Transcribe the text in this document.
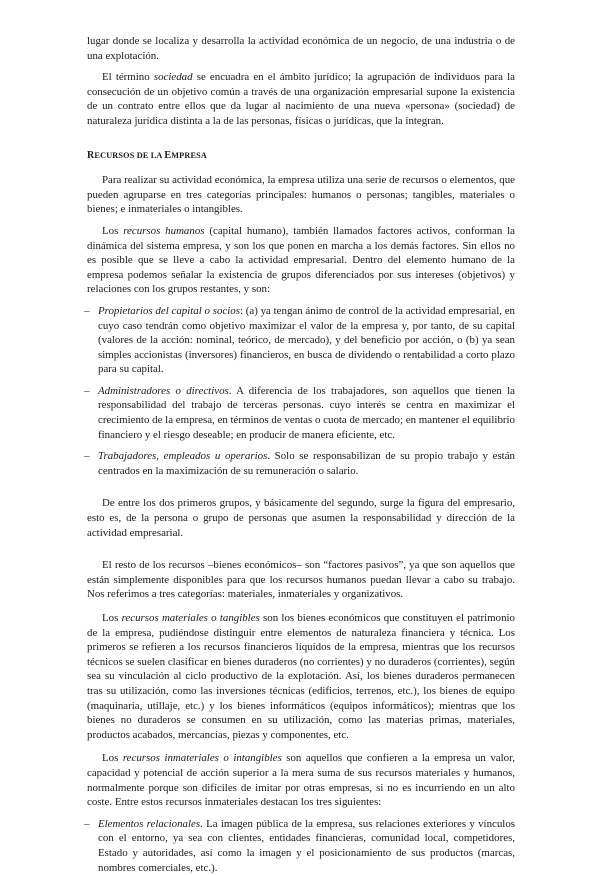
lugar donde se localiza y desarrolla la actividad económica de un negocio, de una industria o de una explotación.

El término sociedad se encuadra en el ámbito jurídico; la agrupación de individuos para la consecución de un objetivo común a través de una organización empresarial supone la existencia de un contrato entre ellos que da lugar al nacimiento de una nueva «persona» (sociedad) de naturaleza jurídica distinta a la de las personas, físicas o jurídicas, que la integran.

RECURSOS DE LA EMPRESA

Para realizar su actividad económica, la empresa utiliza una serie de recursos o elementos, que pueden agruparse en tres categorías principales: humanos o personas; tangibles, materiales o bienes; e inmateriales o intangibles.

Los recursos humanos (capital humano), también llamados factores activos, conforman la dinámica del sistema empresa, y son los que ponen en marcha a los demás factores. Sin ellos no es posible que se lleve a cabo la actividad empresarial. Dentro del elemento humano de la empresa podemos señalar la existencia de grupos diferenciados por sus intereses (objetivos) y relaciones con los grupos restantes, y son:

– Propietarios del capital o socios: (a) ya tengan ánimo de control de la actividad empresarial, en cuyo caso tendrán como objetivo maximizar el valor de la empresa y, por tanto, de su capital (valores de la acción: nominal, teórico, de mercado), y del beneficio por acción, o (b) ya sean simples accionistas (inversores) financieros, en busca de dividendo o rentabilidad a corto plazo para su capital.

– Administradores o directivos. A diferencia de los trabajadores, son aquellos que tienen la responsabilidad del trabajo de terceras personas. cuyo interés se centra en maximizar el crecimiento de la empresa, en términos de ventas o cuota de mercado; en mantener el equilibrio financiero y el riesgo deseable; en producir de manera eficiente, etc.

– Trabajadores, empleados u operarios. Solo se responsabilizan de su propio trabajo y están centrados en la maximización de su remuneración o salario.

De entre los dos primeros grupos, y básicamente del segundo, surge la figura del empresario, esto es, de la persona o grupo de personas que asumen la responsabilidad y dirección de la actividad empresarial.

El resto de los recursos –bienes económicos– son “factores pasivos”, ya que son aquellos que están simplemente disponibles para que los recursos humanos puedan llevar a cabo su trabajo. Nos referimos a tres categorías: materiales, inmateriales y organizativos.

Los recursos materiales o tangibles son los bienes económicos que constituyen el patrimonio de la empresa, pudiéndose distinguir entre elementos de naturaleza financiera y técnica. Los primeros se refieren a los recursos financieros líquidos de la empresa, mientras que los recursos técnicos se suelen clasificar en bienes duraderos (no corrientes) y no duraderos (corrientes), según sea su vinculación al ciclo productivo de la explotación. Así, los bienes duraderos permanecen tras su utilización, como las inversiones técnicas (edificios, terrenos, etc.), los bienes de equipo (maquinaria, utillaje, etc.) y los bienes informáticos (equipos informáticos); mientras que los bienes no duraderos se consumen en su utilización, como las materias primas, materiales, productos acabados, mercancías, piezas y componentes, etc.

Los recursos inmateriales o intangibles son aquellos que confieren a la empresa un valor, capacidad y potencial de acción superior a la mera suma de sus recursos materiales y humanos, normalmente porque son difíciles de imitar por otras empresas, si no es incurriendo en un alto coste. Entre estos recursos inmateriales destacan los tres siguientes:

– Elementos relacionales. La imagen pública de la empresa, sus relaciones exteriores y vínculos con el entorno, ya sea con clientes, entidades financieras, comunidad local, competidores, Estado y autoridades, así como la imagen y el posicionamiento de sus productos (marcas, nombres comerciales, etc.).
